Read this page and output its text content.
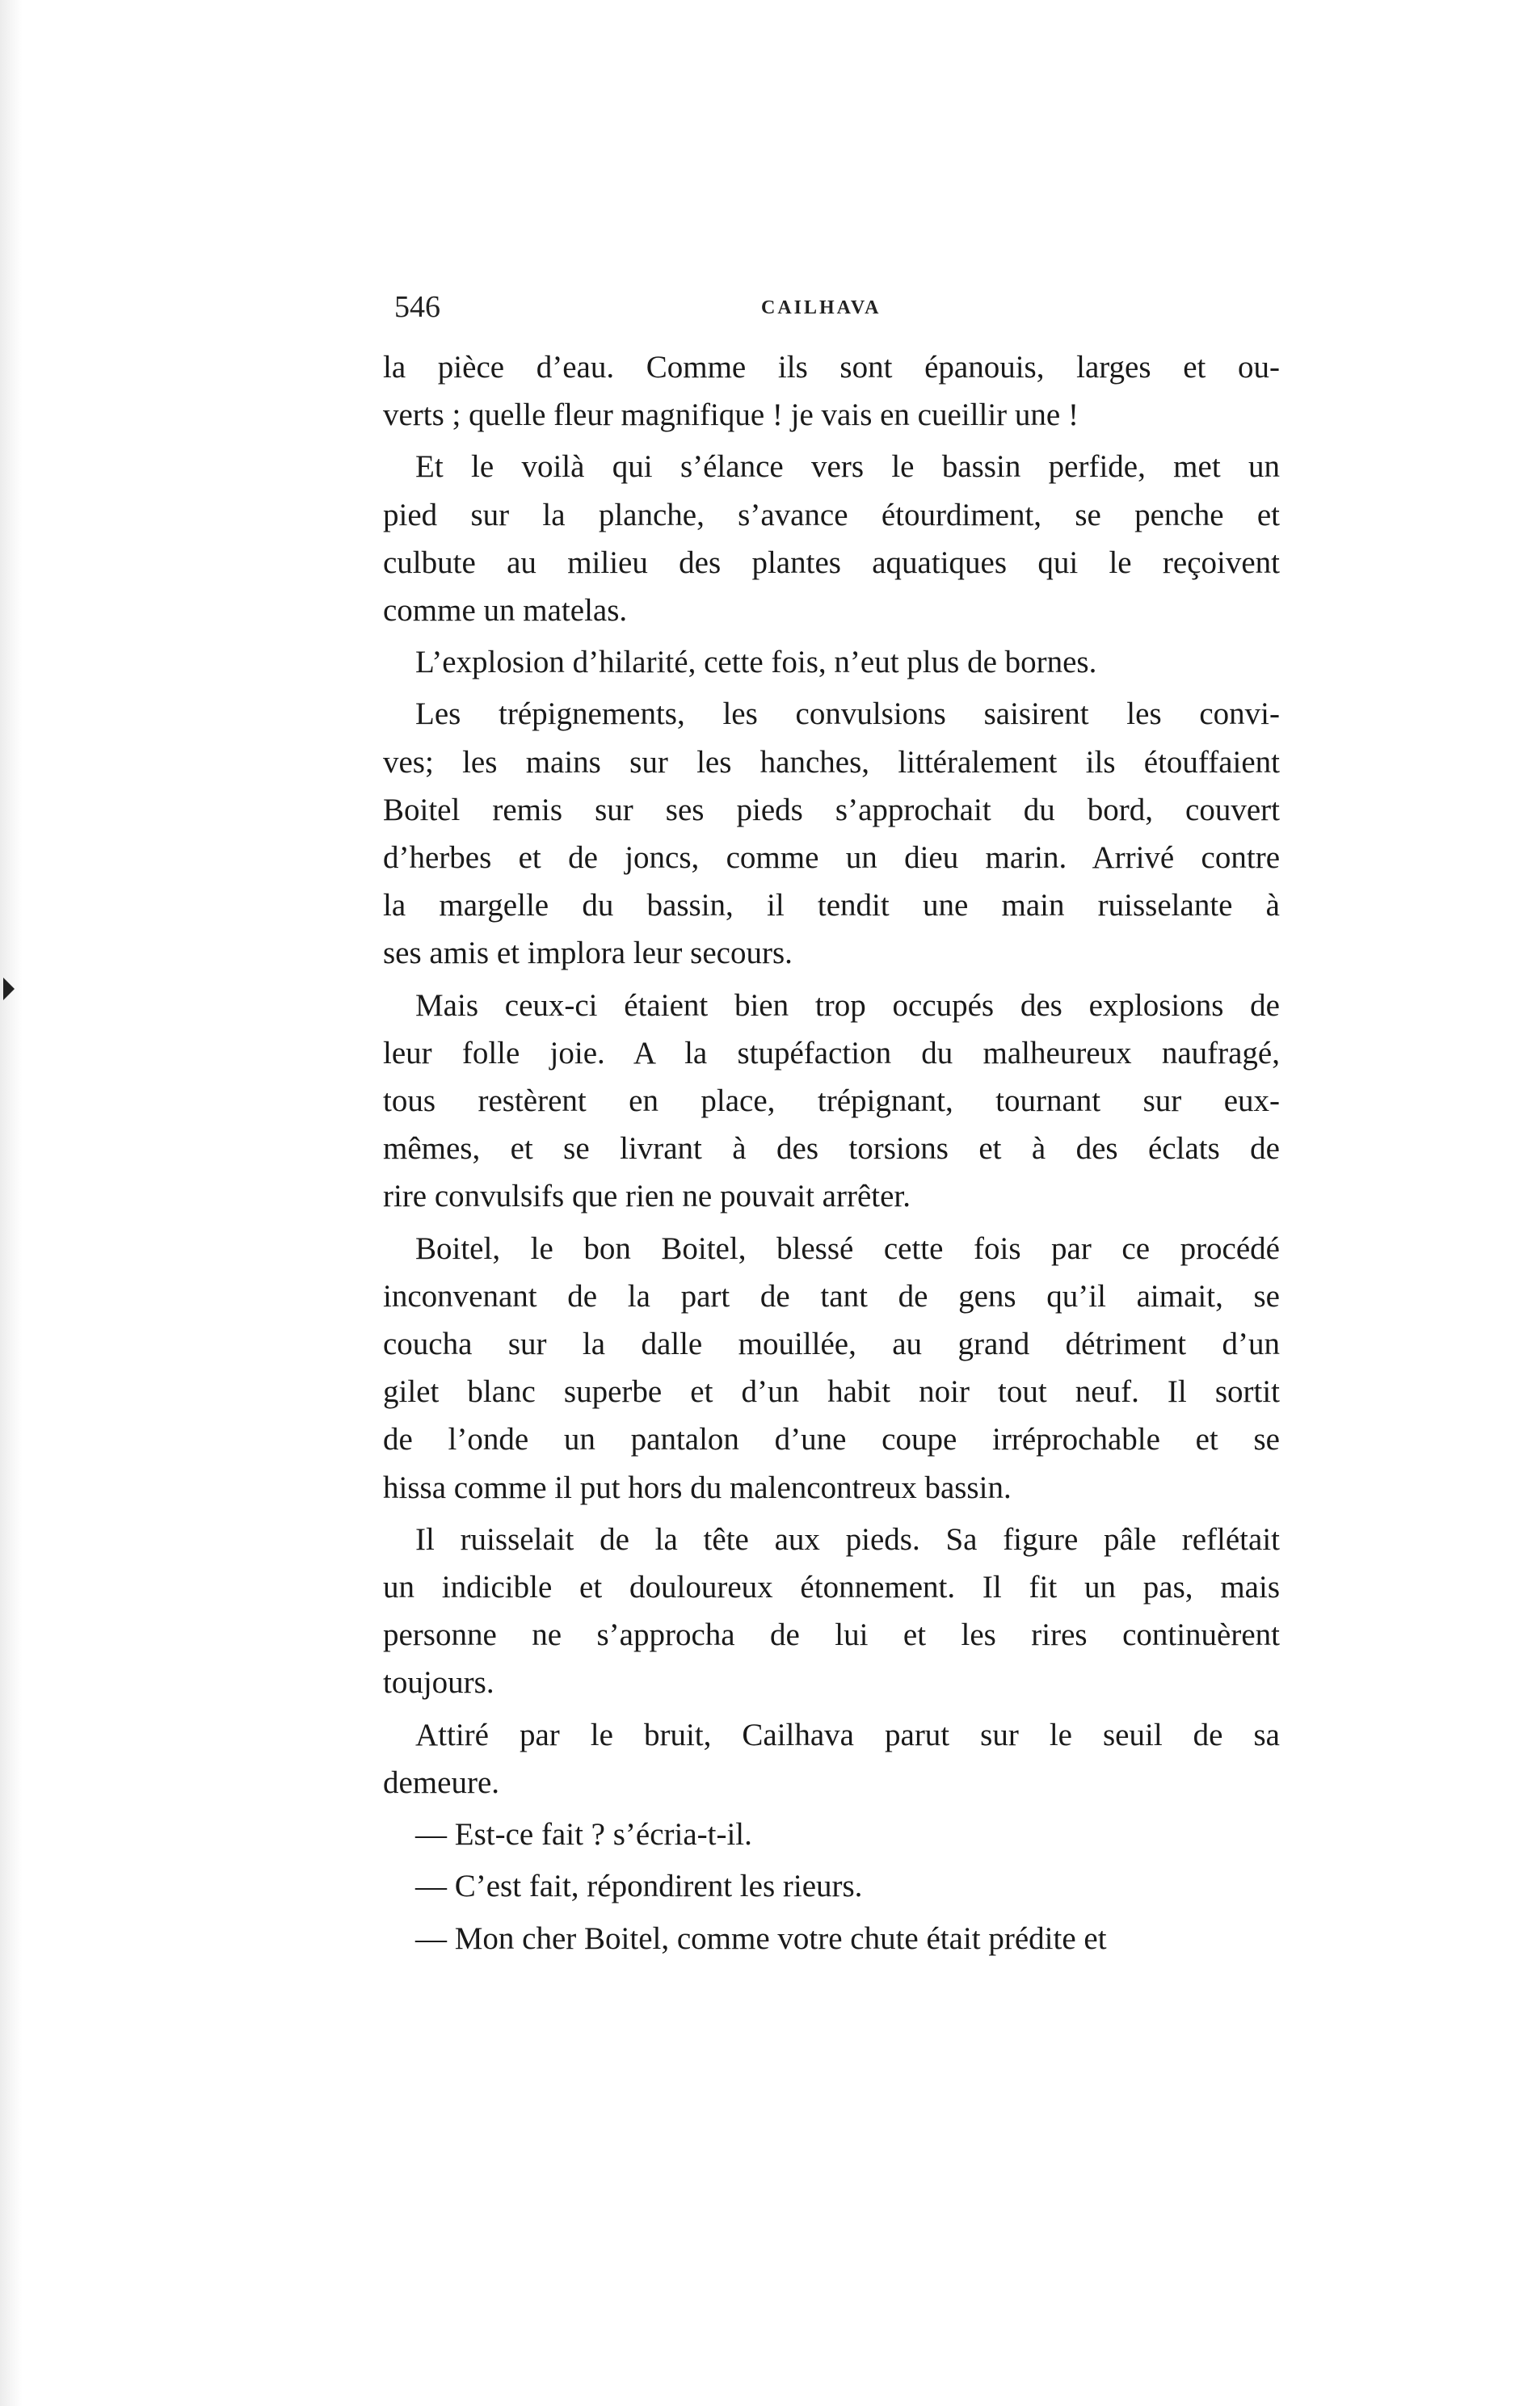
546	CAILHAVA

la pièce d’eau. Comme ils sont épanouis, larges et ou-
verts ; quelle fleur magnifique ! je vais en cueillir une !

Et le voilà qui s’élance vers le bassin perfide, met un
pied sur la planche, s’avance étourdiment, se penche et
culbute au milieu des plantes aquatiques qui le reçoivent
comme un matelas.

L’explosion d’hilarité, cette fois, n’eut plus de bornes.

Les trépignements, les convulsions saisirent les convi-
ves; les mains sur les hanches, littéralement ils étouffaient
Boitel remis sur ses pieds s’approchait du bord, couvert
d’herbes et de joncs, comme un dieu marin. Arrivé contre
la margelle du bassin, il tendit une main ruisselante à
ses amis et implora leur secours.

Mais ceux-ci étaient bien trop occupés des explosions de
leur folle joie. A la stupéfaction du malheureux naufragé,
tous restèrent en place, trépignant, tournant sur eux-
mêmes, et se livrant à des torsions et à des éclats de
rire convulsifs que rien ne pouvait arrêter.

Boitel, le bon Boitel, blessé cette fois par ce procédé
inconvenant de la part de tant de gens qu’il aimait, se
coucha sur la dalle mouillée, au grand détriment d’un
gilet blanc superbe et d’un habit noir tout neuf. Il sortit
de l’onde un pantalon d’une coupe irréprochable et se
hissa comme il put hors du malencontreux bassin.

Il ruisselait de la tête aux pieds. Sa figure pâle reflétait
un indicible et douloureux étonnement. Il fit un pas, mais
personne ne s’approcha de lui et les rires continuèrent
toujours.

Attiré par le bruit, Cailhava parut sur le seuil de sa
demeure.

— Est-ce fait ? s’écria-t-il.

— C’est fait, répondirent les rieurs.

— Mon cher Boitel, comme votre chute était prédite et
